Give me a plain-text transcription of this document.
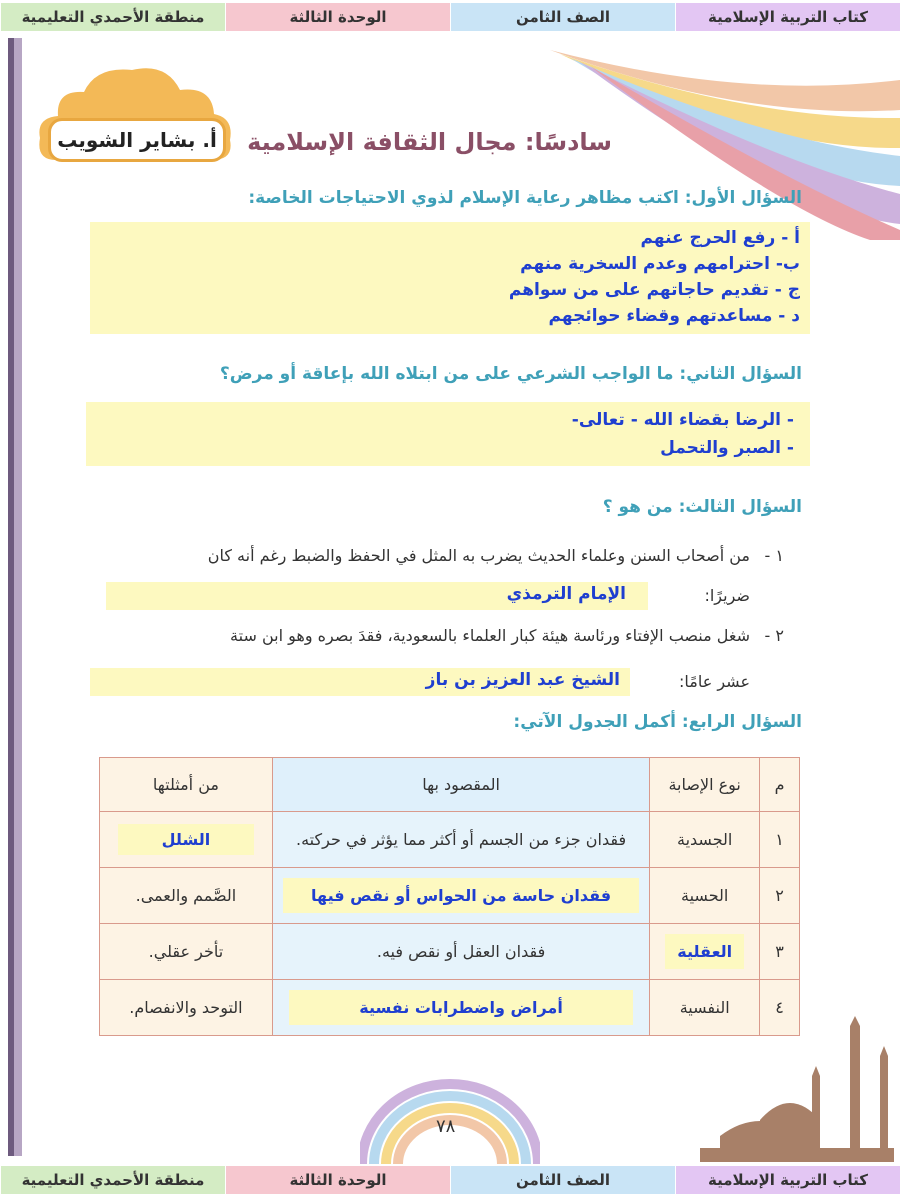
كتاب التربية الإسلامية
الصف الثامن
الوحدة الثالثة
منطقة الأحمدي التعليمية
أ. بشاير الشويب	سادسًا: مجال الثقافة الإسلامية
السؤال الأول: اكتب مظاهر رعاية الإسلام لذوي الاحتياجات الخاصة:
أ - رفع الحرج عنهم
ب- احترامهم وعدم السخرية منهم
ج - تقديم حاجاتهم على من سواهم
د - مساعدتهم وقضاء حوائجهم
السؤال الثاني: ما الواجب الشرعي على من ابتلاه الله بإعاقة أو مرض؟
- الرضا بقضاء الله - تعالى-
- الصبر والتحمل
السؤال الثالث: من هو ؟
١ -
من أصحاب السنن وعلماء الحديث يضرب به المثل في الحفظ والضبط رغم أنه كان
ضريرًا:
الإمام الترمذي
٢ -
شغل منصب الإفتاء ورئاسة هيئة كبار العلماء بالسعودية، فقدَ بصره وهو ابن ستة
عشر عامًا:
الشيخ عبد العزيز بن باز
السؤال الرابع: أكمل الجدول الآتي:
م	نوع الإصابة	المقصود بها	من أمثلتها
١	الجسدية	فقدان جزء من الجسم أو أكثر مما يؤثر في حركته.	الشلل
٢	الحسية	فقدان حاسة من الحواس أو نقص فيها	الصَّمم والعمى.
٣	العقلية	فقدان العقل أو نقص فيه.	تأخر عقلي.
٤	النفسية	أمراض واضطرابات نفسية	التوحد والانفصام.
٧٨
كتاب التربية الإسلامية
الصف الثامن
الوحدة الثالثة
منطقة الأحمدي التعليمية
